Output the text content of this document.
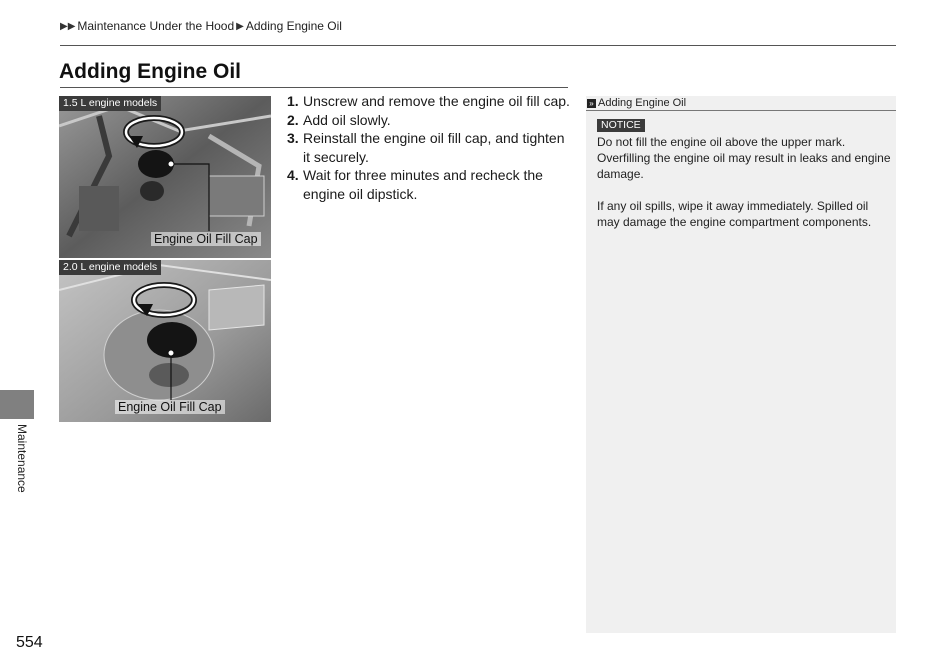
▶▶ Maintenance Under the Hood ▶ Adding Engine Oil
Adding Engine Oil
1.5 L engine models
Engine Oil Fill Cap
2.0 L engine models
Engine Oil Fill Cap
1. Unscrew and remove the engine oil fill cap.
2. Add oil slowly.
3. Reinstall the engine oil fill cap, and tighten it securely.
4. Wait for three minutes and recheck the engine oil dipstick.
» Adding Engine Oil
NOTICE

Do not fill the engine oil above the upper mark. Overfilling the engine oil may result in leaks and engine damage.

If any oil spills, wipe it away immediately. Spilled oil may damage the engine compartment components.

Maintenance
554
